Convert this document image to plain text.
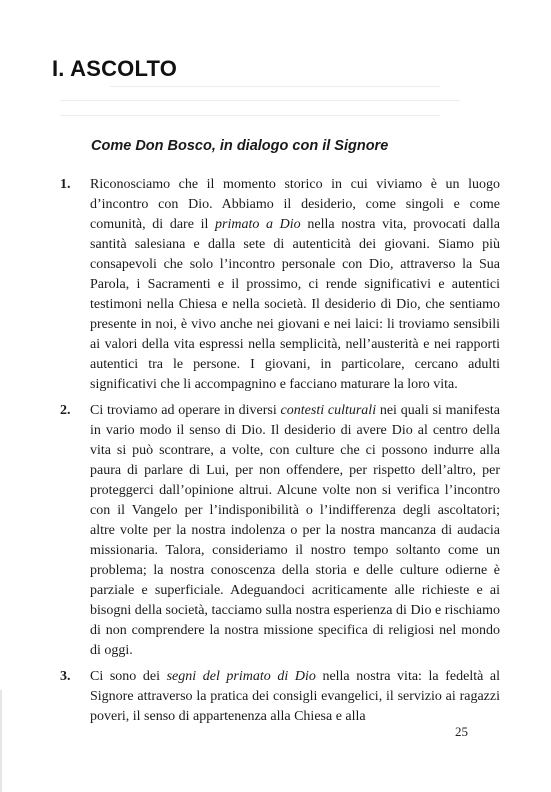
I. ASCOLTO
Come Don Bosco, in dialogo con il Signore
1. Riconosciamo che il momento storico in cui viviamo è un luogo d’incontro con Dio. Abbiamo il desiderio, come singoli e come comunità, di dare il primato a Dio nella nostra vita, provocati dalla santità salesiana e dalla sete di autenticità dei giovani. Siamo più consapevoli che solo l’incontro personale con Dio, attraverso la Sua Parola, i Sacramenti e il prossimo, ci rende significativi e autentici testimoni nella Chiesa e nella società. Il desiderio di Dio, che sentiamo presente in noi, è vivo anche nei giovani e nei laici: li troviamo sensibili ai valori della vita espressi nella semplicità, nell’austerità e nei rapporti autentici tra le persone. I giovani, in particolare, cercano adulti significativi che li accompagnino e facciano maturare la loro vita.
2. Ci troviamo ad operare in diversi contesti culturali nei quali si manifesta in vario modo il senso di Dio. Il desiderio di avere Dio al centro della vita si può scontrare, a volte, con culture che ci possono indurre alla paura di parlare di Lui, per non offendere, per rispetto dell’altro, per proteggerci dall’opinione altrui. Alcune volte non si verifica l’incontro con il Vangelo per l’indisponibilità o l’indifferenza degli ascoltatori; altre volte per la nostra indolenza o per la nostra mancanza di audacia missionaria. Talora, consideriamo il nostro tempo soltanto come un problema; la nostra conoscenza della storia e delle culture odierne è parziale e superficiale. Adeguandoci acriticamente alle richieste e ai bisogni della società, tacciamo sulla nostra esperienza di Dio e rischiamo di non comprendere la nostra missione specifica di religiosi nel mondo di oggi.
3. Ci sono dei segni del primato di Dio nella nostra vita: la fedeltà al Signore attraverso la pratica dei consigli evangelici, il servizio ai ragazzi poveri, il senso di appartenenza alla Chiesa e alla
25
